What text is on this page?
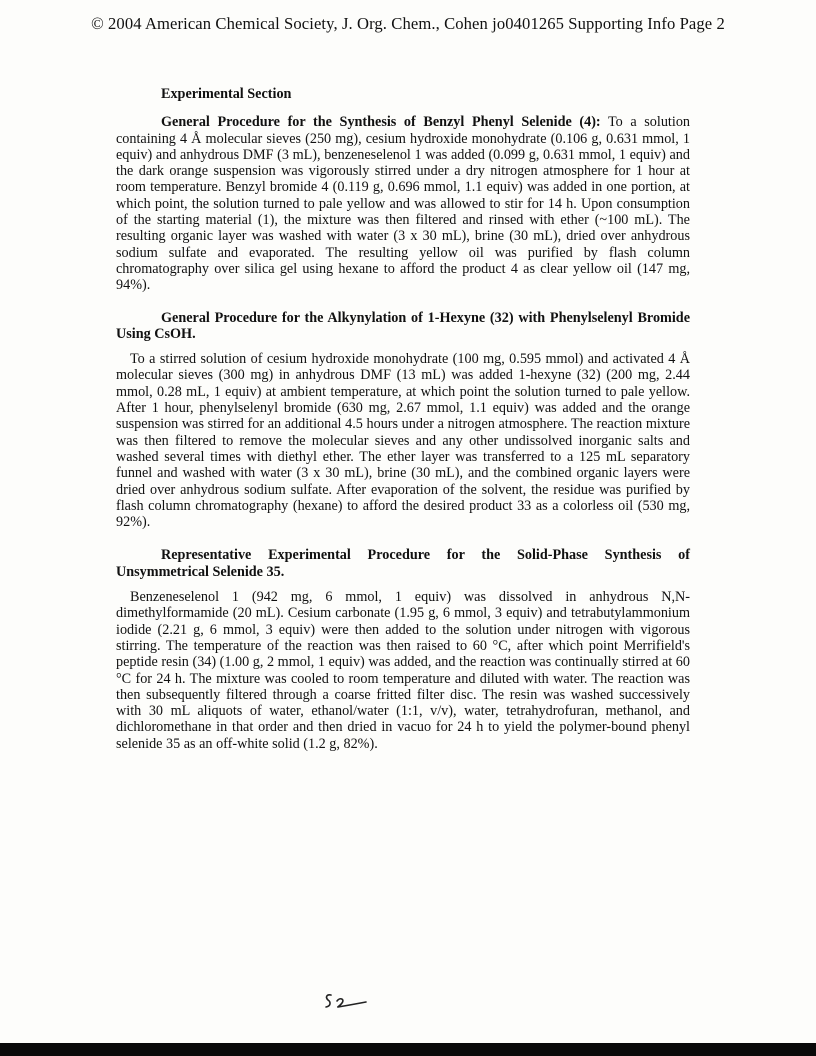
© 2004 American Chemical Society, J. Org. Chem., Cohen jo0401265 Supporting Info Page 2
Experimental Section

General Procedure for the Synthesis of Benzyl Phenyl Selenide (4): To a solution containing 4 Å molecular sieves (250 mg), cesium hydroxide monohydrate (0.106 g, 0.631 mmol, 1 equiv) and anhydrous DMF (3 mL), benzeneselenol 1 was added (0.099 g, 0.631 mmol, 1 equiv) and the dark orange suspension was vigorously stirred under a dry nitrogen atmosphere for 1 hour at room temperature. Benzyl bromide 4 (0.119 g, 0.696 mmol, 1.1 equiv) was added in one portion, at which point, the solution turned to pale yellow and was allowed to stir for 14 h. Upon consumption of the starting material (1), the mixture was then filtered and rinsed with ether (~100 mL). The resulting organic layer was washed with water (3 x 30 mL), brine (30 mL), dried over anhydrous sodium sulfate and evaporated. The resulting yellow oil was purified by flash column chromatography over silica gel using hexane to afford the product 4 as clear yellow oil (147 mg, 94%).

General Procedure for the Alkynylation of 1-Hexyne (32) with Phenylselenyl Bromide Using CsOH.

To a stirred solution of cesium hydroxide monohydrate (100 mg, 0.595 mmol) and activated 4 Å molecular sieves (300 mg) in anhydrous DMF (13 mL) was added 1-hexyne (32) (200 mg, 2.44 mmol, 0.28 mL, 1 equiv) at ambient temperature, at which point the solution turned to pale yellow. After 1 hour, phenylselenyl bromide (630 mg, 2.67 mmol, 1.1 equiv) was added and the orange suspension was stirred for an additional 4.5 hours under a nitrogen atmosphere. The reaction mixture was then filtered to remove the molecular sieves and any other undissolved inorganic salts and washed several times with diethyl ether. The ether layer was transferred to a 125 mL separatory funnel and washed with water (3 x 30 mL), brine (30 mL), and the combined organic layers were dried over anhydrous sodium sulfate. After evaporation of the solvent, the residue was purified by flash column chromatography (hexane) to afford the desired product 33 as a colorless oil (530 mg, 92%).

Representative Experimental Procedure for the Solid-Phase Synthesis of Unsymmetrical Selenide 35.

Benzeneselenol 1 (942 mg, 6 mmol, 1 equiv) was dissolved in anhydrous N,N-dimethylformamide (20 mL). Cesium carbonate (1.95 g, 6 mmol, 3 equiv) and tetrabutylammonium iodide (2.21 g, 6 mmol, 3 equiv) were then added to the solution under nitrogen with vigorous stirring. The temperature of the reaction was then raised to 60 °C, after which point Merrifield's peptide resin (34) (1.00 g, 2 mmol, 1 equiv) was added, and the reaction was continually stirred at 60 °C for 24 h. The mixture was cooled to room temperature and diluted with water. The reaction was then subsequently filtered through a coarse fritted filter disc. The resin was washed successively with 30 mL aliquots of water, ethanol/water (1:1, v/v), water, tetrahydrofuran, methanol, and dichloromethane in that order and then dried in vacuo for 24 h to yield the polymer-bound phenyl selenide 35 as an off-white solid (1.2 g, 82%).
